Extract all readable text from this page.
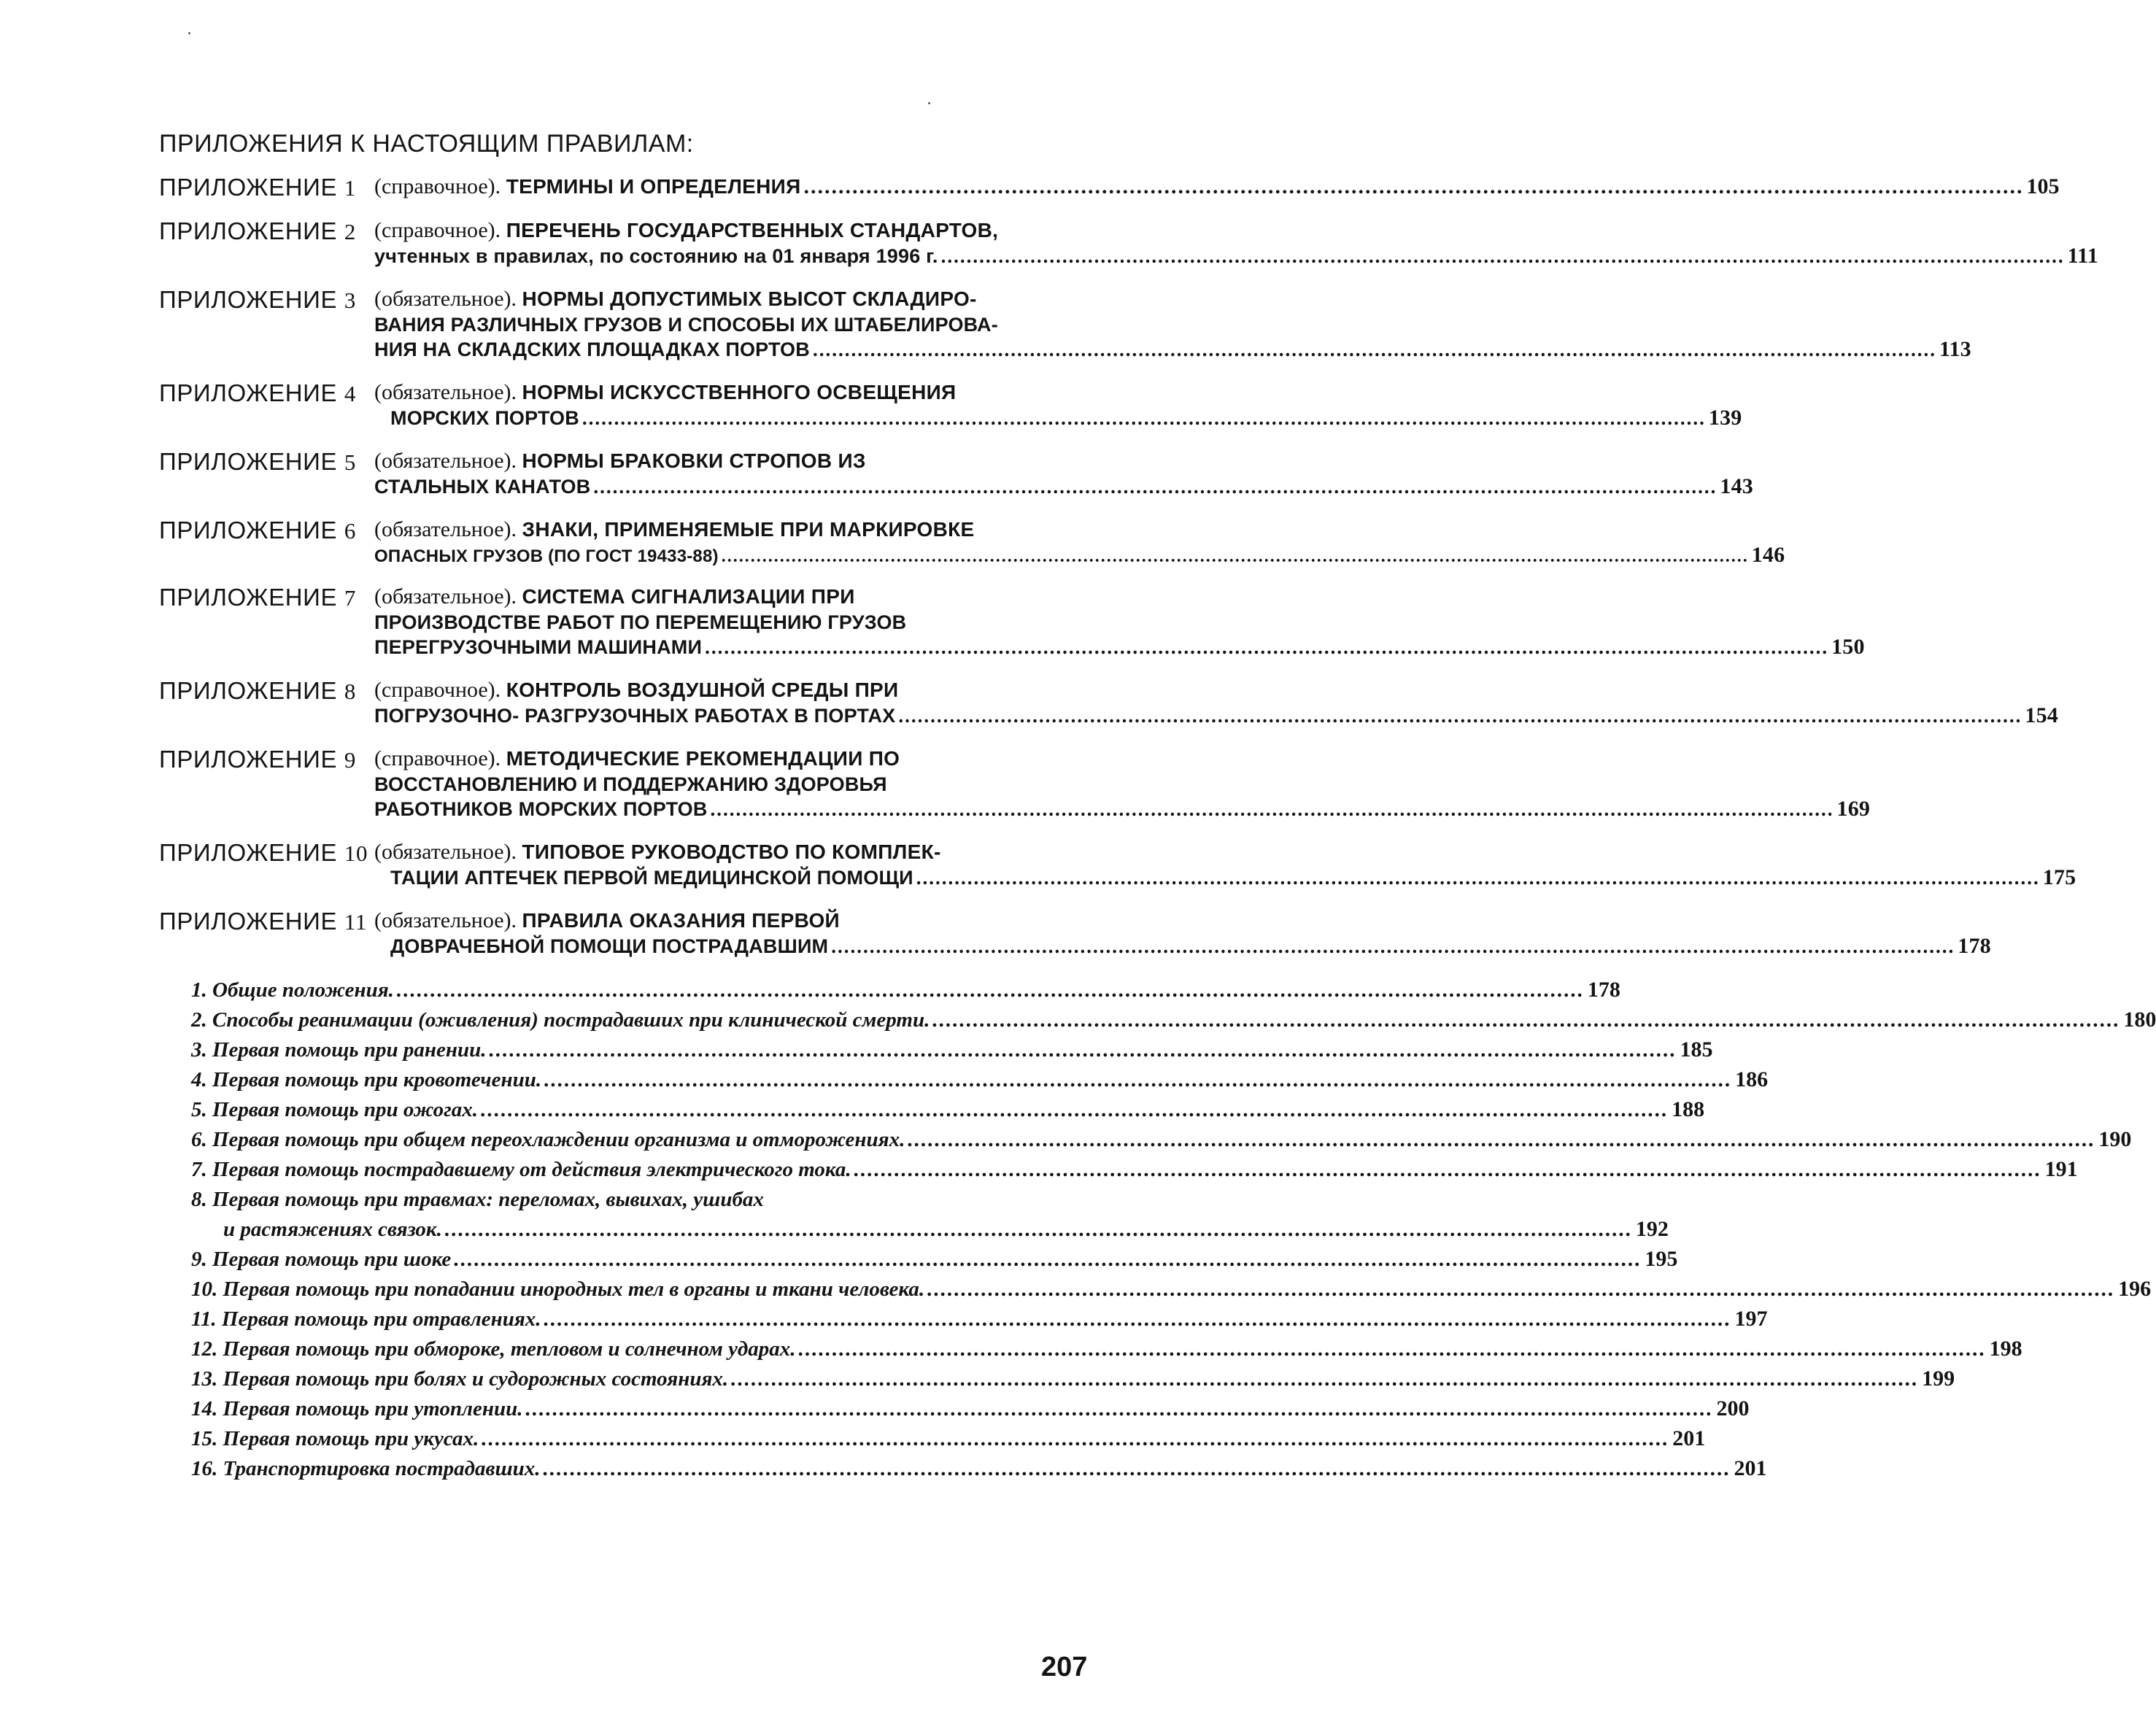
ПРИЛОЖЕНИЯ К НАСТОЯЩИМ ПРАВИЛАМ:
ПРИЛОЖЕНИЕ 1 (справочное). ТЕРМИНЫ И ОПРЕДЕЛЕНИЯ .....	105
ПРИЛОЖЕНИЕ 2 (справочное). ПЕРЕЧЕНЬ ГОСУДАРСТВЕННЫХ СТАНДАРТОВ,
учтенных в правилах, по состоянию на 01 января 1996 г. .....	111
ПРИЛОЖЕНИЕ 3 (обязательное). НОРМЫ ДОПУСТИМЫХ ВЫСОТ СКЛАДИРО-
ВАНИЯ РАЗЛИЧНЫХ ГРУЗОВ И СПОСОБЫ ИХ ШТАБЕЛИРОВА-
НИЯ НА СКЛАДСКИХ ПЛОЩАДКАХ ПОРТОВ .....	113
ПРИЛОЖЕНИЕ 4 (обязательное). НОРМЫ ИСКУССТВЕННОГО ОСВЕЩЕНИЯ
МОРСКИХ ПОРТОВ .....	139
ПРИЛОЖЕНИЕ 5 (обязательное). НОРМЫ БРАКОВКИ СТРОПОВ ИЗ
СТАЛЬНЫХ КАНАТОВ .....	143
ПРИЛОЖЕНИЕ 6 (обязательное). ЗНАКИ, ПРИМЕНЯЕМЫЕ ПРИ МАРКИРОВКЕ
ОПАСНЫХ ГРУЗОВ (ПО ГОСТ 19433-88) .....	146
ПРИЛОЖЕНИЕ 7 (обязательное). СИСТЕМА СИГНАЛИЗАЦИИ ПРИ
ПРОИЗВОДСТВЕ РАБОТ ПО ПЕРЕМЕЩЕНИЮ ГРУЗОВ
ПЕРЕГРУЗОЧНЫМИ МАШИНАМИ .....	150
ПРИЛОЖЕНИЕ 8 (справочное). КОНТРОЛЬ ВОЗДУШНОЙ СРЕДЫ ПРИ
ПОГРУЗОЧНО- РАЗГРУЗОЧНЫХ РАБОТАХ В ПОРТАХ .....	154
ПРИЛОЖЕНИЕ 9 (справочное). МЕТОДИЧЕСКИЕ РЕКОМЕНДАЦИИ ПО
ВОССТАНОВЛЕНИЮ И ПОДДЕРЖАНИЮ ЗДОРОВЬЯ
РАБОТНИКОВ МОРСКИХ ПОРТОВ .....	169
ПРИЛОЖЕНИЕ 10 (обязательное). ТИПОВОЕ РУКОВОДСТВО ПО КОМПЛЕК-
ТАЦИИ АПТЕЧЕК ПЕРВОЙ МЕДИЦИНСКОЙ ПОМОЩИ .....	175
ПРИЛОЖЕНИЕ 11 (обязательное). ПРАВИЛА ОКАЗАНИЯ ПЕРВОЙ
ДОВРАЧЕБНОЙ ПОМОЩИ ПОСТРАДАВШИМ .....	178
1. Общие положения. .....	178
2. Способы реанимации (оживления) пострадавших при клинической смерти. .....	180
3. Первая помощь при ранении. .....	185
4. Первая помощь при кровотечении. .....	186
5. Первая помощь при ожогах. .....	188
6. Первая помощь при общем переохлаждении организма и отморожениях. .....	190
7. Первая помощь пострадавшему от действия электрического тока. .....	191
8. Первая помощь при травмах: переломах, вывихах, ушибах
и растяжениях связок. .....	192
9. Первая помощь при шоке .....	195
10. Первая помощь при попадании инородных тел в органы и ткани человека. .....	196
11. Первая помощь при отравлениях. .....	197
12. Первая помощь при обмороке, тепловом и солнечном ударах. .....	198
13. Первая помощь при болях и судорожных состояниях. .....	199
14. Первая помощь при утоплении. .....	200
15. Первая помощь при укусах. .....	201
16. Транспортировка пострадавших. .....	201
207
